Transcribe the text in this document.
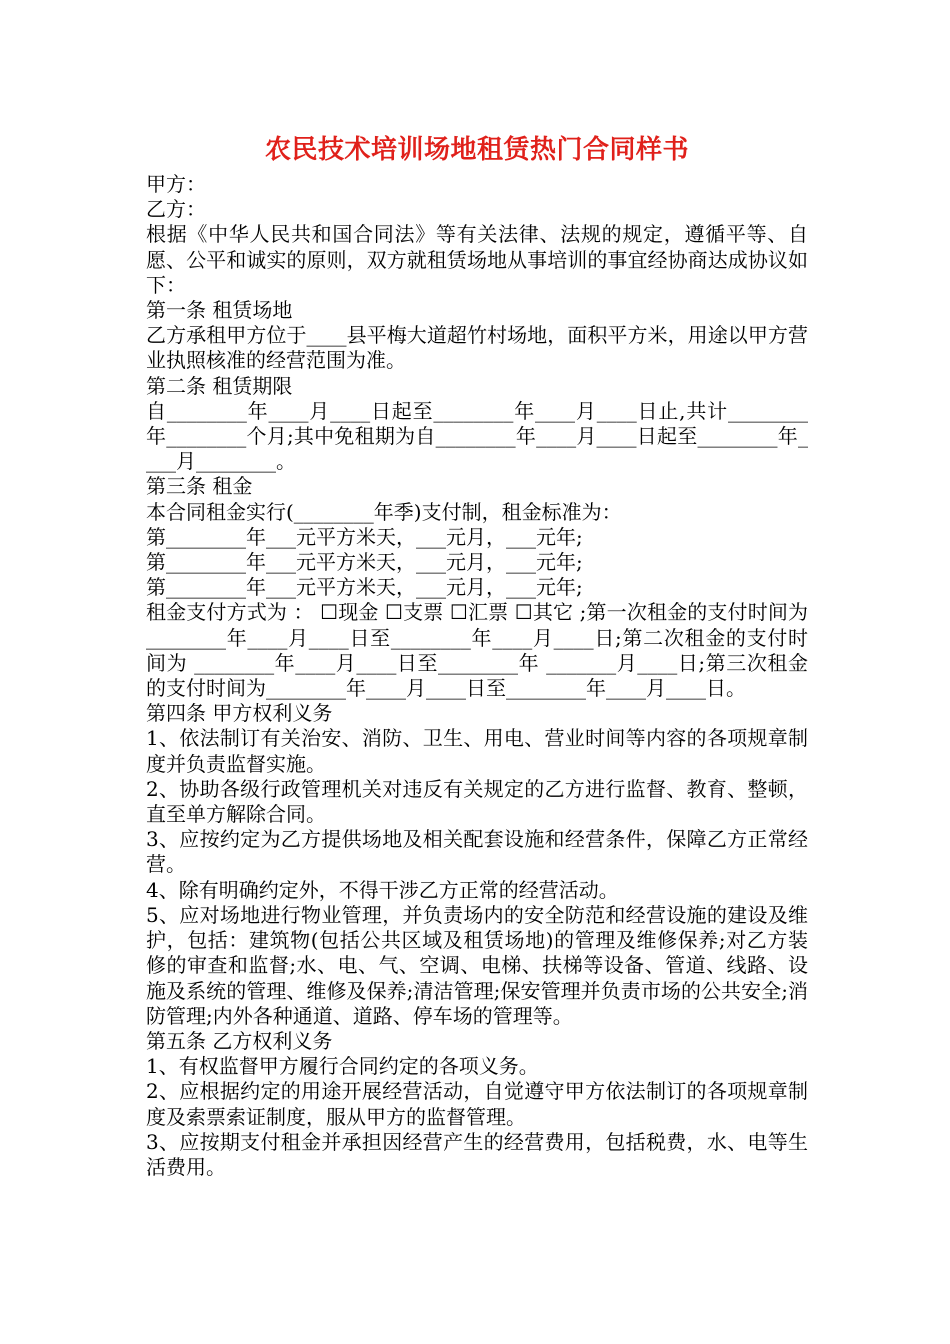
农民技术培训场地租赁热门合同样书

甲方：

乙方：

根据《中华人民共和国合同法》等有关法律、法规的规定，遵循平等、自愿、公平和诚实的原则，双方就租赁场地从事培训的事宜经协商达成协议如下：

第一条 租赁场地

乙方承租甲方位于____县平梅大道超竹村场地，面积平方米，用途以甲方营业执照核准的经营范围为准。

第二条 租赁期限

自________年____月____日起至________年____月____日止,共计________年________个月;其中免租期为自________年____月____日起至________年____月________。

第三条 租金

本合同租金实行(________年季)支付制，租金标准为：

第________年___元平方米天，___元月，___元年;

第________年___元平方米天，___元月，___元年;

第________年___元平方米天，___元月，___元年;

租金支付方式为 ： ☐现金 ☐支票 ☐汇票 ☐其它 ;第一次租金的支付时间为________年____月____日至________年____月____日;第二次租金的支付时间为 ________年____月____日至________年 _______月____日;第三次租金的支付时间为________年____月____日至________年____月____日。

第四条 甲方权利义务

1、依法制订有关治安、消防、卫生、用电、营业时间等内容的各项规章制度并负责监督实施。

2、协助各级行政管理机关对违反有关规定的乙方进行监督、教育、整顿，直至单方解除合同。

3、应按约定为乙方提供场地及相关配套设施和经营条件，保障乙方正常经营。

4、除有明确约定外，不得干涉乙方正常的经营活动。

5、应对场地进行物业管理，并负责场内的安全防范和经营设施的建设及维护，包括：建筑物(包括公共区域及租赁场地)的管理及维修保养;对乙方装修的审查和监督;水、电、气、空调、电梯、扶梯等设备、管道、线路、设施及系统的管理、维修及保养;清洁管理;保安管理并负责市场的公共安全;消防管理;内外各种通道、道路、停车场的管理等。

第五条 乙方权利义务

1、有权监督甲方履行合同约定的各项义务。

2、应根据约定的用途开展经营活动，自觉遵守甲方依法制订的各项规章制度及索票索证制度，服从甲方的监督管理。

3、应按期支付租金并承担因经营产生的经营费用，包括税费，水、电等生活费用。
